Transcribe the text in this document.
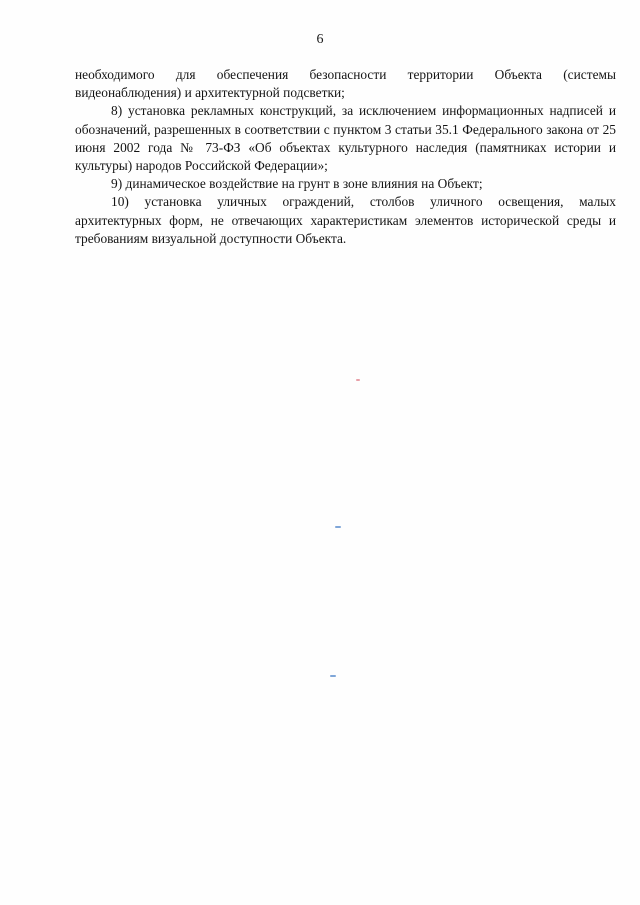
6

необходимого для обеспечения безопасности территории Объекта (системы видеонаблюдения) и архитектурной подсветки;

8) установка рекламных конструкций, за исключением информационных надписей и обозначений, разрешенных в соответствии с пунктом 3 статьи 35.1 Федерального закона от 25 июня 2002 года № 73-ФЗ «Об объектах культурного наследия (памятниках истории и культуры) народов Российской Федерации»;

9) динамическое воздействие на грунт в зоне влияния на Объект;

10) установка уличных ограждений, столбов уличного освещения, малых архитектурных форм, не отвечающих характеристикам элементов исторической среды и требованиям визуальной доступности Объекта.
